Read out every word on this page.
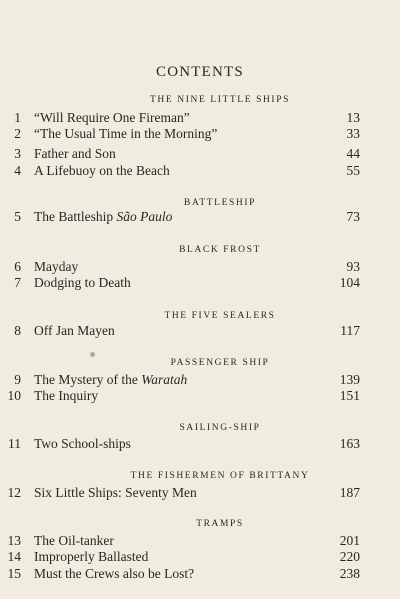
CONTENTS
THE NINE LITTLE SHIPS
1 “Will Require One Fireman”	13
2 “The Usual Time in the Morning”	33
3 Father and Son	44
4 A Lifebuoy on the Beach	55
BATTLESHIP
5 The Battleship São Paulo	73
BLACK FROST
6 Mayday	93
7 Dodging to Death	104
THE FIVE SEALERS
8 Off Jan Mayen	117
PASSENGER SHIP
9 The Mystery of the Waratah	139
10 The Inquiry	151
SAILING-SHIP
11 Two School-ships	163
THE FISHERMEN OF BRITTANY
12 Six Little Ships: Seventy Men	187
TRAMPS
13 The Oil-tanker	201
14 Improperly Ballasted	220
15 Must the Crews also be Lost?	238
